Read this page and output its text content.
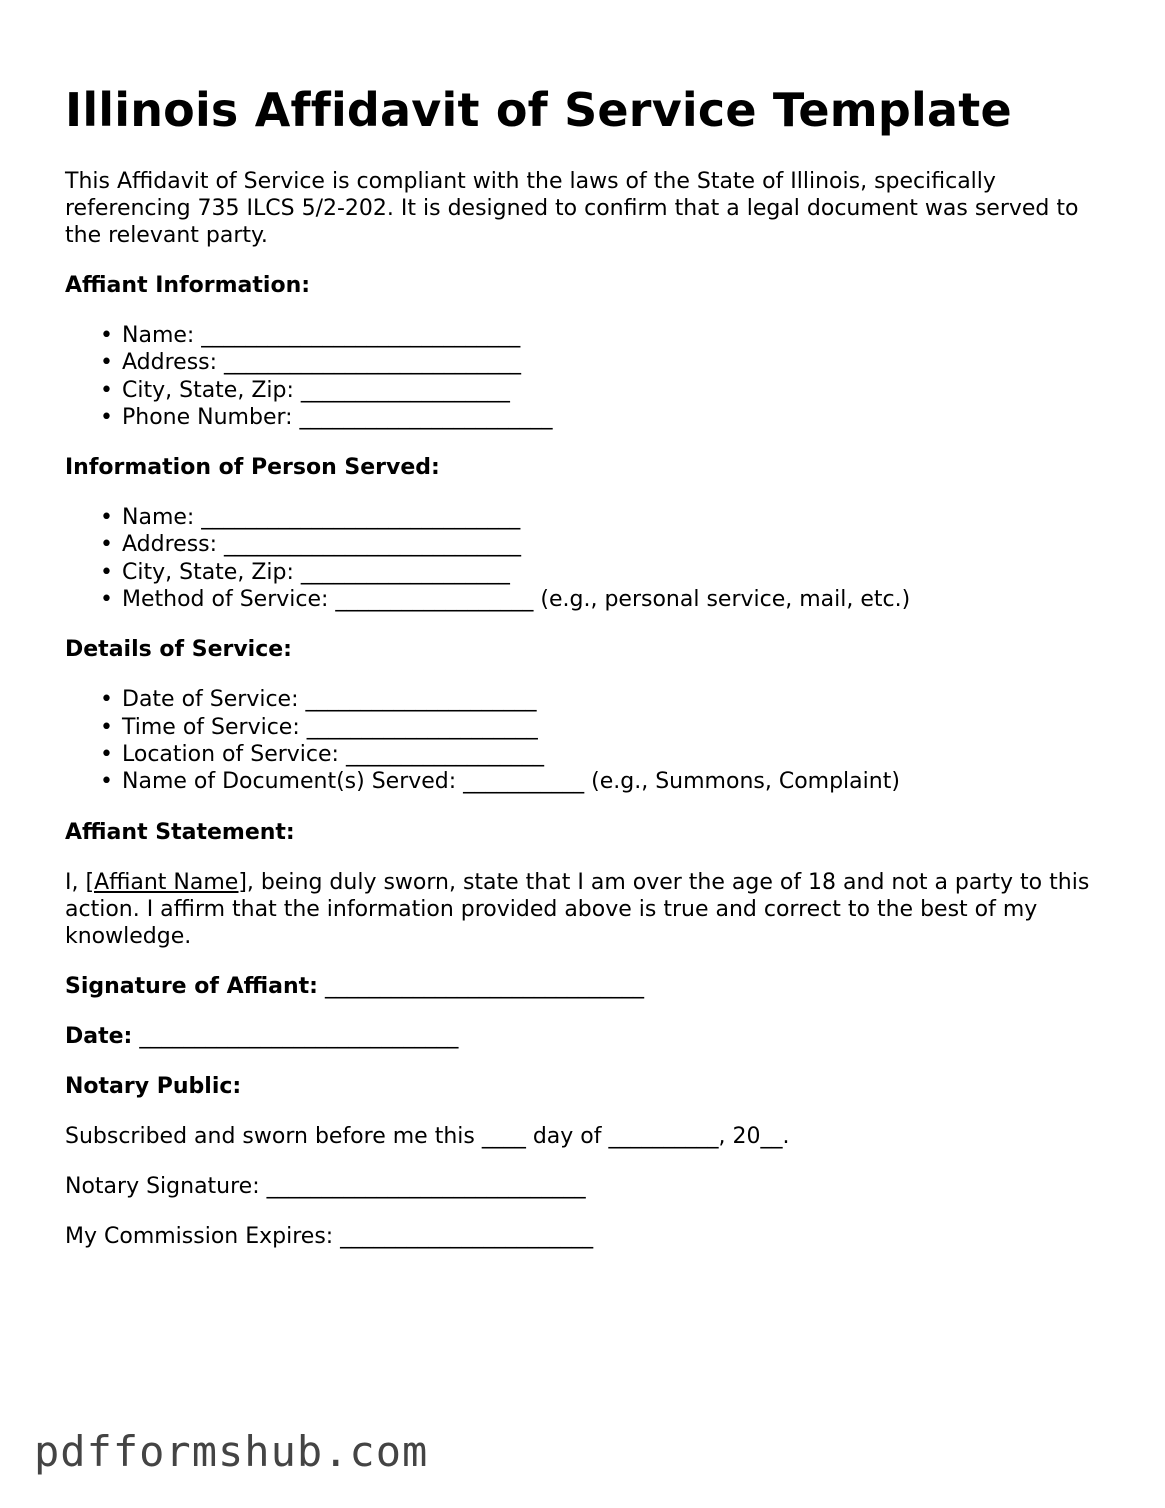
Illinois Affidavit of Service Template

This Affidavit of Service is compliant with the laws of the State of Illinois, specifically referencing 735 ILCS 5/2-202. It is designed to confirm that a legal document was served to the relevant party.

Affiant Information:
• Name: _____________________________
• Address: ___________________________
• City, State, Zip: ___________________
• Phone Number: _______________________
Information of Person Served:
• Name: _____________________________
• Address: ___________________________
• City, State, Zip: ___________________
• Method of Service: __________________ (e.g., personal service, mail, etc.)
Details of Service:
• Date of Service: _____________________
• Time of Service: _____________________
• Location of Service: __________________
• Name of Document(s) Served: ___________ (e.g., Summons, Complaint)
Affiant Statement:

I, [Affiant Name], being duly sworn, state that I am over the age of 18 and not a party to this action. I affirm that the information provided above is true and correct to the best of my knowledge.

Signature of Affiant: _____________________________

Date: _____________________________

Notary Public:

Subscribed and sworn before me this ____ day of __________, 20__.

Notary Signature: _____________________________

My Commission Expires: _______________________

pdfformshub.com
